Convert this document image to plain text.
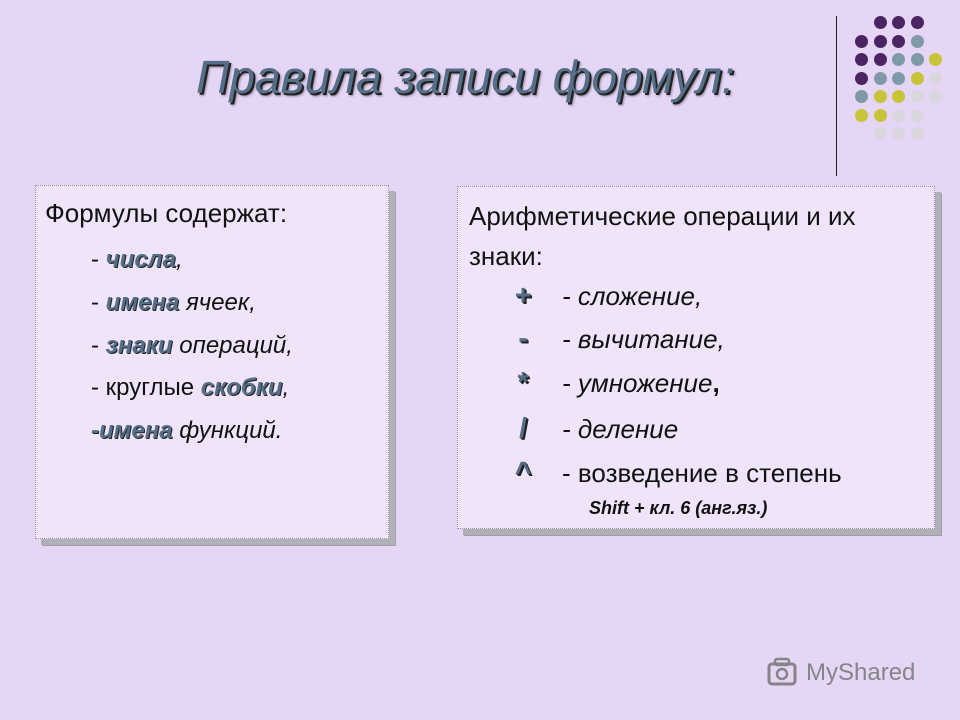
Правила записи формул:
Формулы содержат:
- числа,
- имена ячеек,
- знаки операций,
- круглые скобки,
-имена функций.
Арифметические операции и их знаки:
+	- сложение,
-	- вычитание,
*	- умножение,
/	- деление
^	- возведение в степень
Shift + кл. 6 (анг.яз.)
MyShared
